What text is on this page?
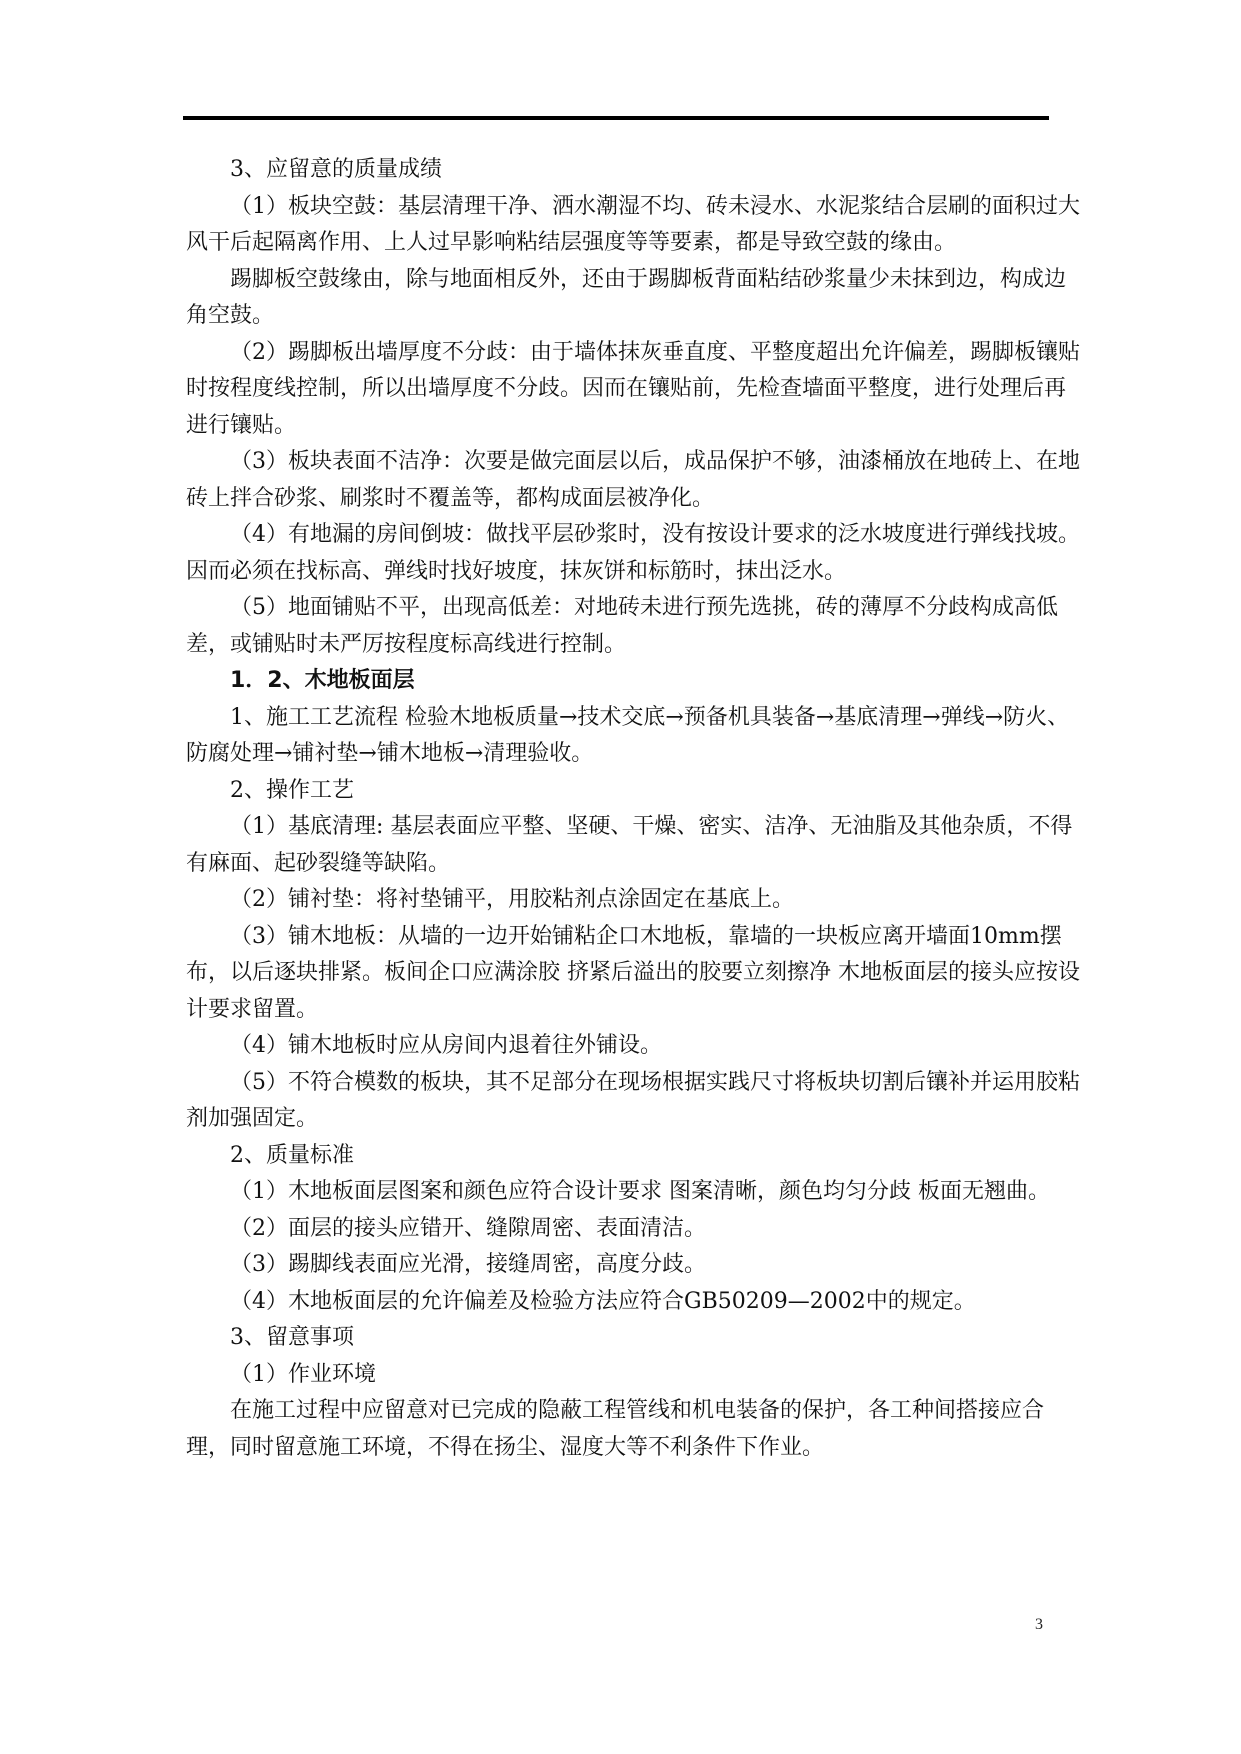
3、应留意的质量成绩

（1）板块空鼓：基层清理干净、洒水潮湿不均、砖未浸水、水泥浆结合层刷的面积过大风干后起隔离作用、上人过早影响粘结层强度等等要素，都是导致空鼓的缘由。

踢脚板空鼓缘由，除与地面相反外，还由于踢脚板背面粘结砂浆量少未抹到边，构成边角空鼓。

（2）踢脚板出墙厚度不分歧：由于墙体抹灰垂直度、平整度超出允许偏差，踢脚板镶贴时按程度线控制，所以出墙厚度不分歧。因而在镶贴前，先检查墙面平整度，进行处理后再进行镶贴。

（3）板块表面不洁净：次要是做完面层以后，成品保护不够，油漆桶放在地砖上、在地砖上拌合砂浆、刷浆时不覆盖等，都构成面层被净化。

（4）有地漏的房间倒坡：做找平层砂浆时，没有按设计要求的泛水坡度进行弹线找坡。因而必须在找标高、弹线时找好坡度，抹灰饼和标筋时，抹出泛水。

（5）地面铺贴不平，出现高低差：对地砖未进行预先选挑，砖的薄厚不分歧构成高低差，或铺贴时未严厉按程度标高线进行控制。

1．2、木地板面层

1、施工工艺流程 检验木地板质量→技术交底→预备机具装备→基底清理→弹线→防火、防腐处理→铺衬垫→铺木地板→清理验收。

2、操作工艺

（1）基底清理: 基层表面应平整、坚硬、干燥、密实、洁净、无油脂及其他杂质，不得有麻面、起砂裂缝等缺陷。

（2）铺衬垫：将衬垫铺平，用胶粘剂点涂固定在基底上。

（3）铺木地板：从墙的一边开始铺粘企口木地板，靠墙的一块板应离开墙面10mm摆布，以后逐块排紧。板间企口应满涂胶 挤紧后溢出的胶要立刻擦净 木地板面层的接头应按设计要求留置。

（4）铺木地板时应从房间内退着往外铺设。

（5）不符合模数的板块，其不足部分在现场根据实践尺寸将板块切割后镶补并运用胶粘剂加强固定。

2、质量标准

（1）木地板面层图案和颜色应符合设计要求 图案清晰，颜色均匀分歧 板面无翘曲。

（2）面层的接头应错开、缝隙周密、表面清洁。

（3）踢脚线表面应光滑，接缝周密，高度分歧。

（4）木地板面层的允许偏差及检验方法应符合GB50209—2002中的规定。

3、留意事项

（1）作业环境

在施工过程中应留意对已完成的隐蔽工程管线和机电装备的保护，各工种间搭接应合理，同时留意施工环境，不得在扬尘、湿度大等不利条件下作业。

3
